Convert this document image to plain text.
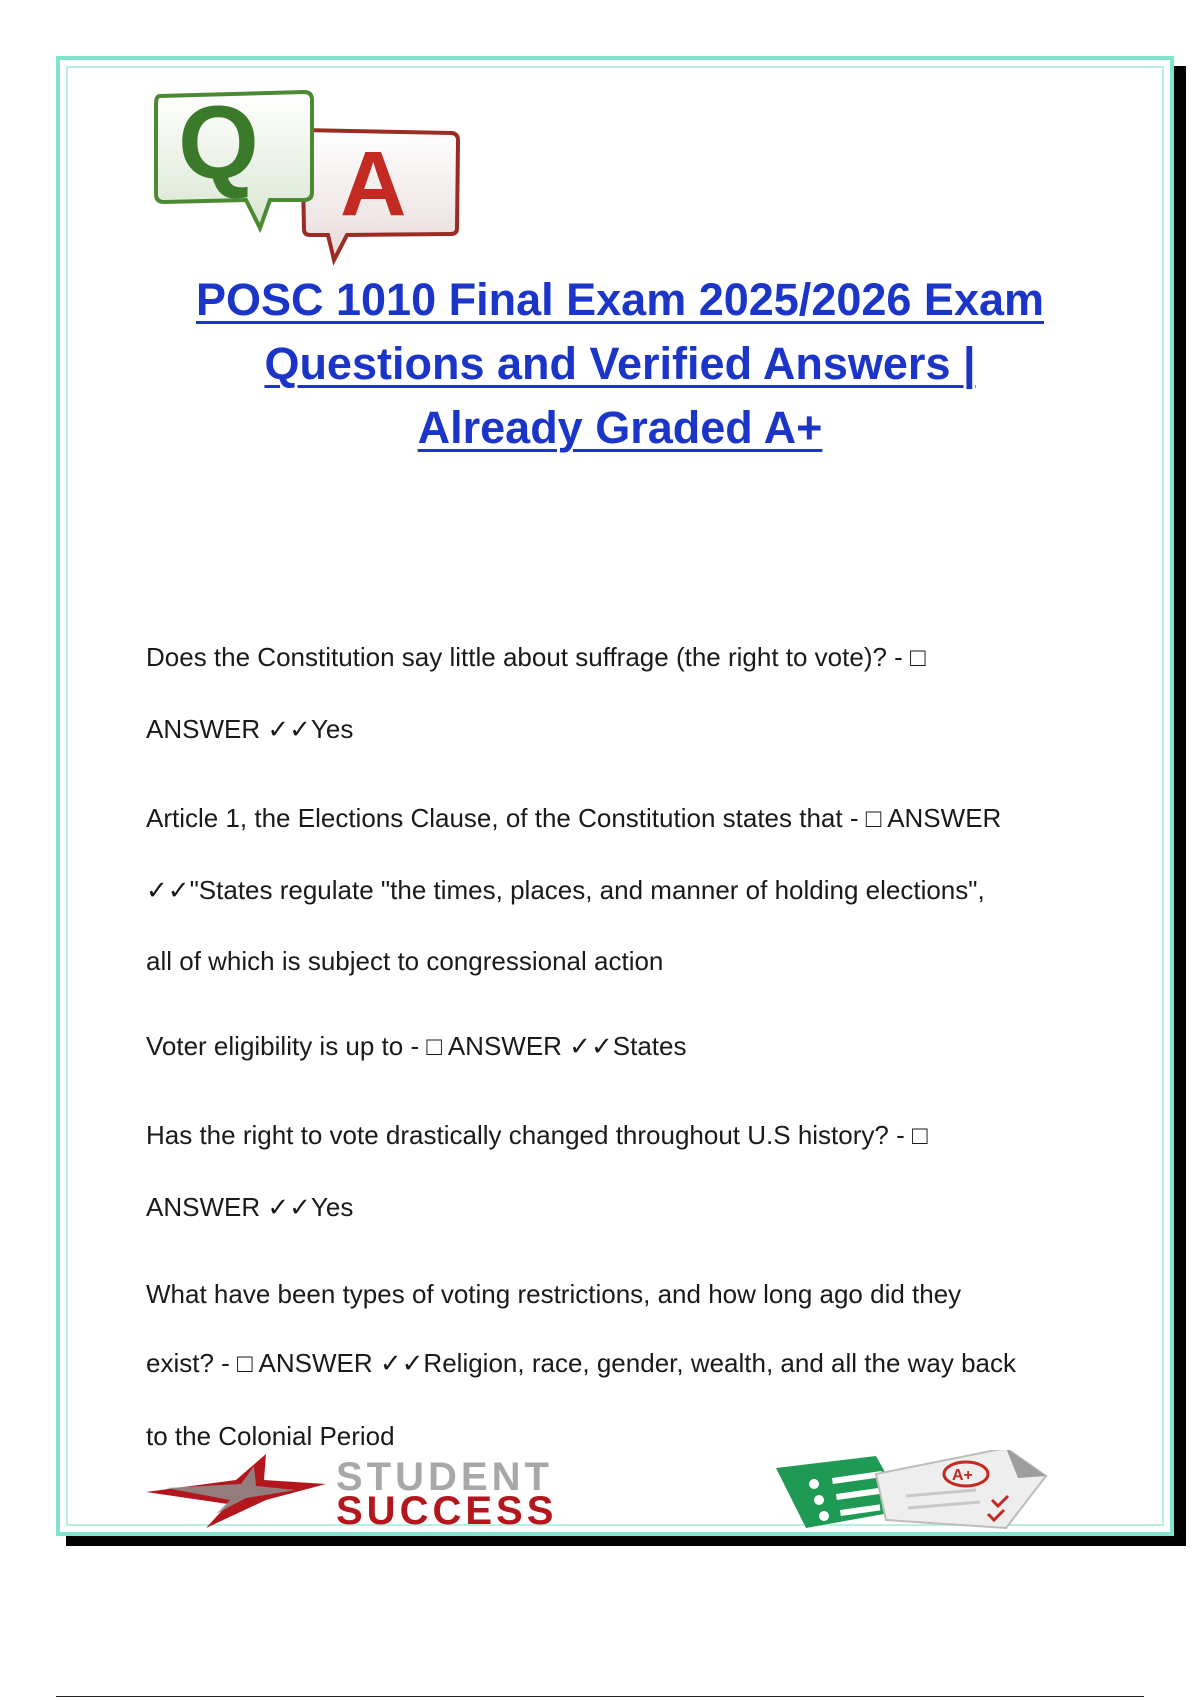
Q A
POSC 1010 Final Exam 2025/2026 Exam
Questions and Verified Answers |
Already Graded A+
Does the Constitution say little about suffrage (the right to vote)? - □
ANSWER ✓✓Yes
Article 1, the Elections Clause, of the Constitution states that - □ ANSWER
✓✓"States regulate "the times, places, and manner of holding elections",
all of which is subject to congressional action
Voter eligibility is up to - □ ANSWER ✓✓States
Has the right to vote drastically changed throughout U.S history? - □
ANSWER ✓✓Yes
What have been types of voting restrictions, and how long ago did they
exist? - □ ANSWER ✓✓Religion, race, gender, wealth, and all the way back
to the Colonial Period
STUDENT
SUCCESS
A+
